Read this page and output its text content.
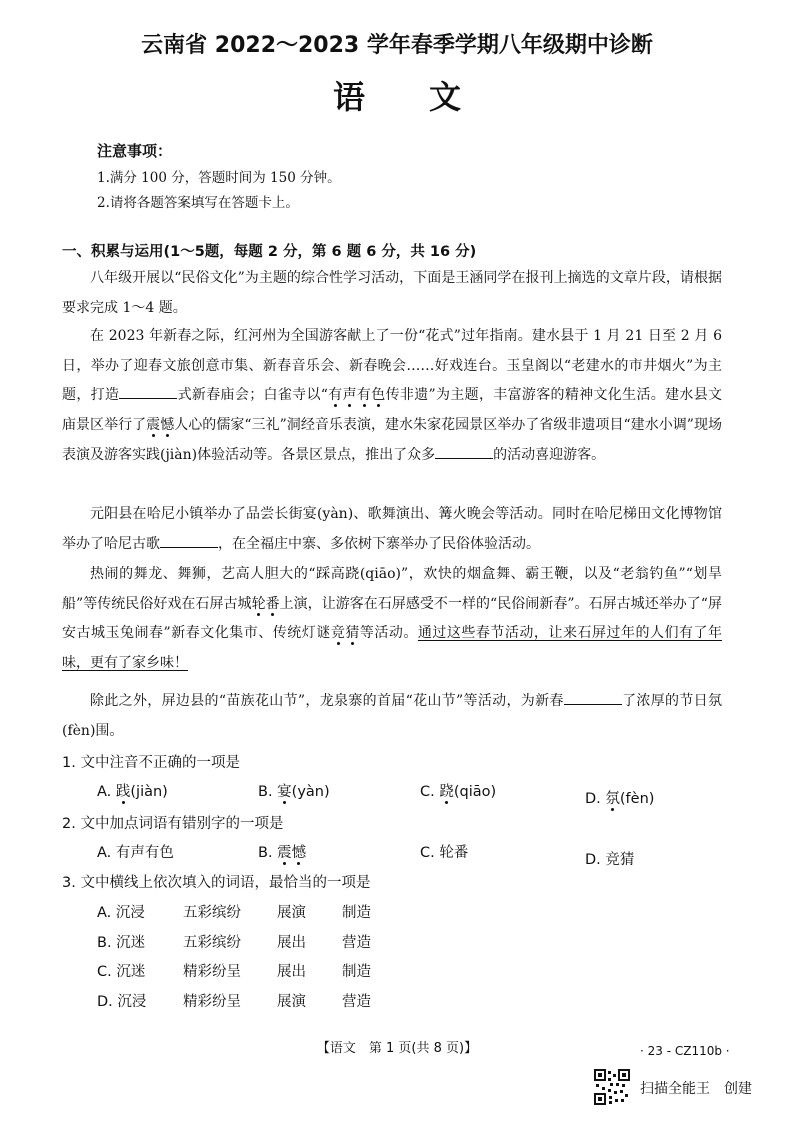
云南省 2022～2023 学年春季学期八年级期中诊断
语　　文
注意事项：
1.满分 100 分，答题时间为 150 分钟。
2.请将各题答案填写在答题卡上。
一、积累与运用(1～5题，每题 2 分，第 6 题 6 分，共 16 分)
八年级开展以“民俗文化”为主题的综合性学习活动，下面是王涵同学在报刊上摘选的文章片段，请根据要求完成 1～4 题。
在 2023 年新春之际，红河州为全国游客献上了一份“花式”过年指南。建水县于 1 月 21 日至 2 月 6 日，举办了迎春文旅创意市集、新春音乐会、新春晚会……好戏连台。玉皇阁以“老建水的市井烟火”为主题，打造	式新春庙会；白雀寺以“有声有色传非遗”为主题，丰富游客的精神文化生活。建水县文庙景区举行了震憾人心的儒家“三礼”洞经音乐表演，建水朱家花园景区举办了省级非遗项目“建水小调”现场表演及游客实践(jiàn)体验活动等。各景区景点，推出了众多	的活动喜迎游客。
元阳县在哈尼小镇举办了品尝长街宴(yàn)、歌舞演出、篝火晚会等活动。同时在哈尼梯田文化博物馆举办了哈尼古歌	，在全福庄中寨、多依树下寨举办了民俗体验活动。
热闹的舞龙、舞狮，艺高人胆大的“踩高跷(qiāo)”，欢快的烟盒舞、霸王鞭，以及“老翁钓鱼”“划旱船”等传统民俗好戏在石屏古城轮番上演，让游客在石屏感受不一样的“民俗闹新春”。石屏古城还举办了“屏安古城玉兔闹春”新春文化集市、传统灯谜竞猜等活动。通过这些春节活动，让来石屏过年的人们有了年味，更有了家乡味！
除此之外，屏边县的“苗族花山节”，龙泉寨的首届“花山节”等活动，为新春	了浓厚的节日氛(fèn)围。
1. 文中注音不正确的一项是
A. 践(jiàn)	B. 宴(yàn)	C. 跷(qiāo)	D. 氛(fèn)
2. 文中加点词语有错别字的一项是
A. 有声有色	B. 震憾	C. 轮番	D. 竞猜
3. 文中横线上依次填入的词语，最恰当的一项是
A. 沉浸	五彩缤纷 展演 制造
B. 沉迷	五彩缤纷 展出 营造
C. 沉迷	精彩纷呈 展出 制造
D. 沉浸	精彩纷呈 展演 营造
【语文　第 1 页(共 8 页)】	· 23 - CZ110b ·
扫描全能王　创建
